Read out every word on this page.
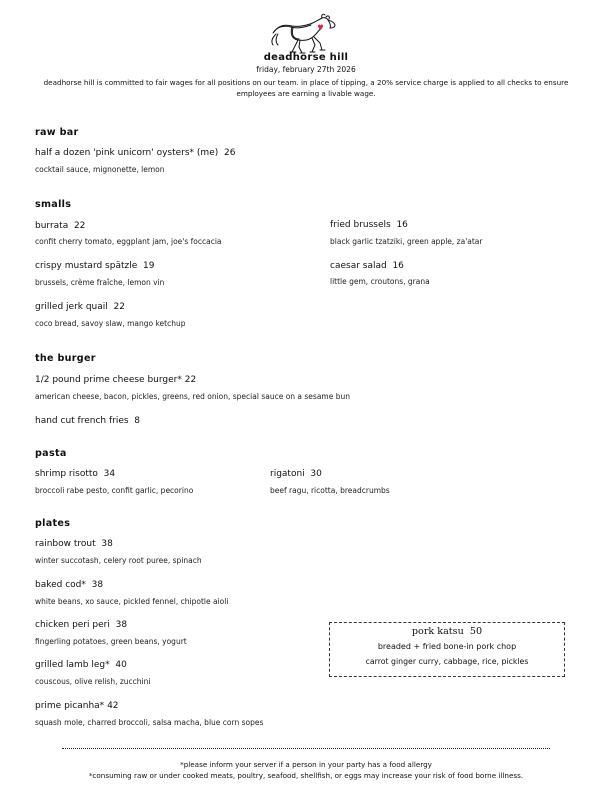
deadhorse hill
friday, february 27th 2026
deadhorse hill is committed to fair wages for all positions on our team. in place of tipping, a 20% service charge is applied to all checks to ensure employees are earning a livable wage.
raw bar
half a dozen 'pink unicorn' oysters* (me) 26
cocktail sauce, mignonette, lemon
smalls
burrata 22
confit cherry tomato, eggplant jam, joe's foccacia
crispy mustard spätzle 19
brussels, crème fraîche, lemon vin
grilled jerk quail 22
coco bread, savoy slaw, mango ketchup
fried brussels 16
black garlic tzatziki, green apple, za'atar
caesar salad 16
little gem, croutons, grana
the burger
1/2 pound prime cheese burger* 22
american cheese, bacon, pickles, greens, red onion, special sauce on a sesame bun
hand cut french fries 8
pasta
shrimp risotto 34
broccoli rabe pesto, confit garlic, pecorino
rigatoni 30
beef ragu, ricotta, breadcrumbs
plates
rainbow trout 38
winter succotash, celery root puree, spinach
baked cod* 38
white beans, xo sauce, pickled fennel, chipotle aioli
chicken peri peri 38
fingerling potatoes, green beans, yogurt
grilled lamb leg* 40
couscous, olive relish, zucchini
prime picanha* 42
squash mole, charred broccoli, salsa macha, blue corn sopes
pork katsu 50
breaded + fried bone-in pork chop
carrot ginger curry, cabbage, rice, pickles
*please inform your server if a person in your party has a food allergy
*consuming raw or under cooked meats, poultry, seafood, shellfish, or eggs may increase your risk of food borne illness.
